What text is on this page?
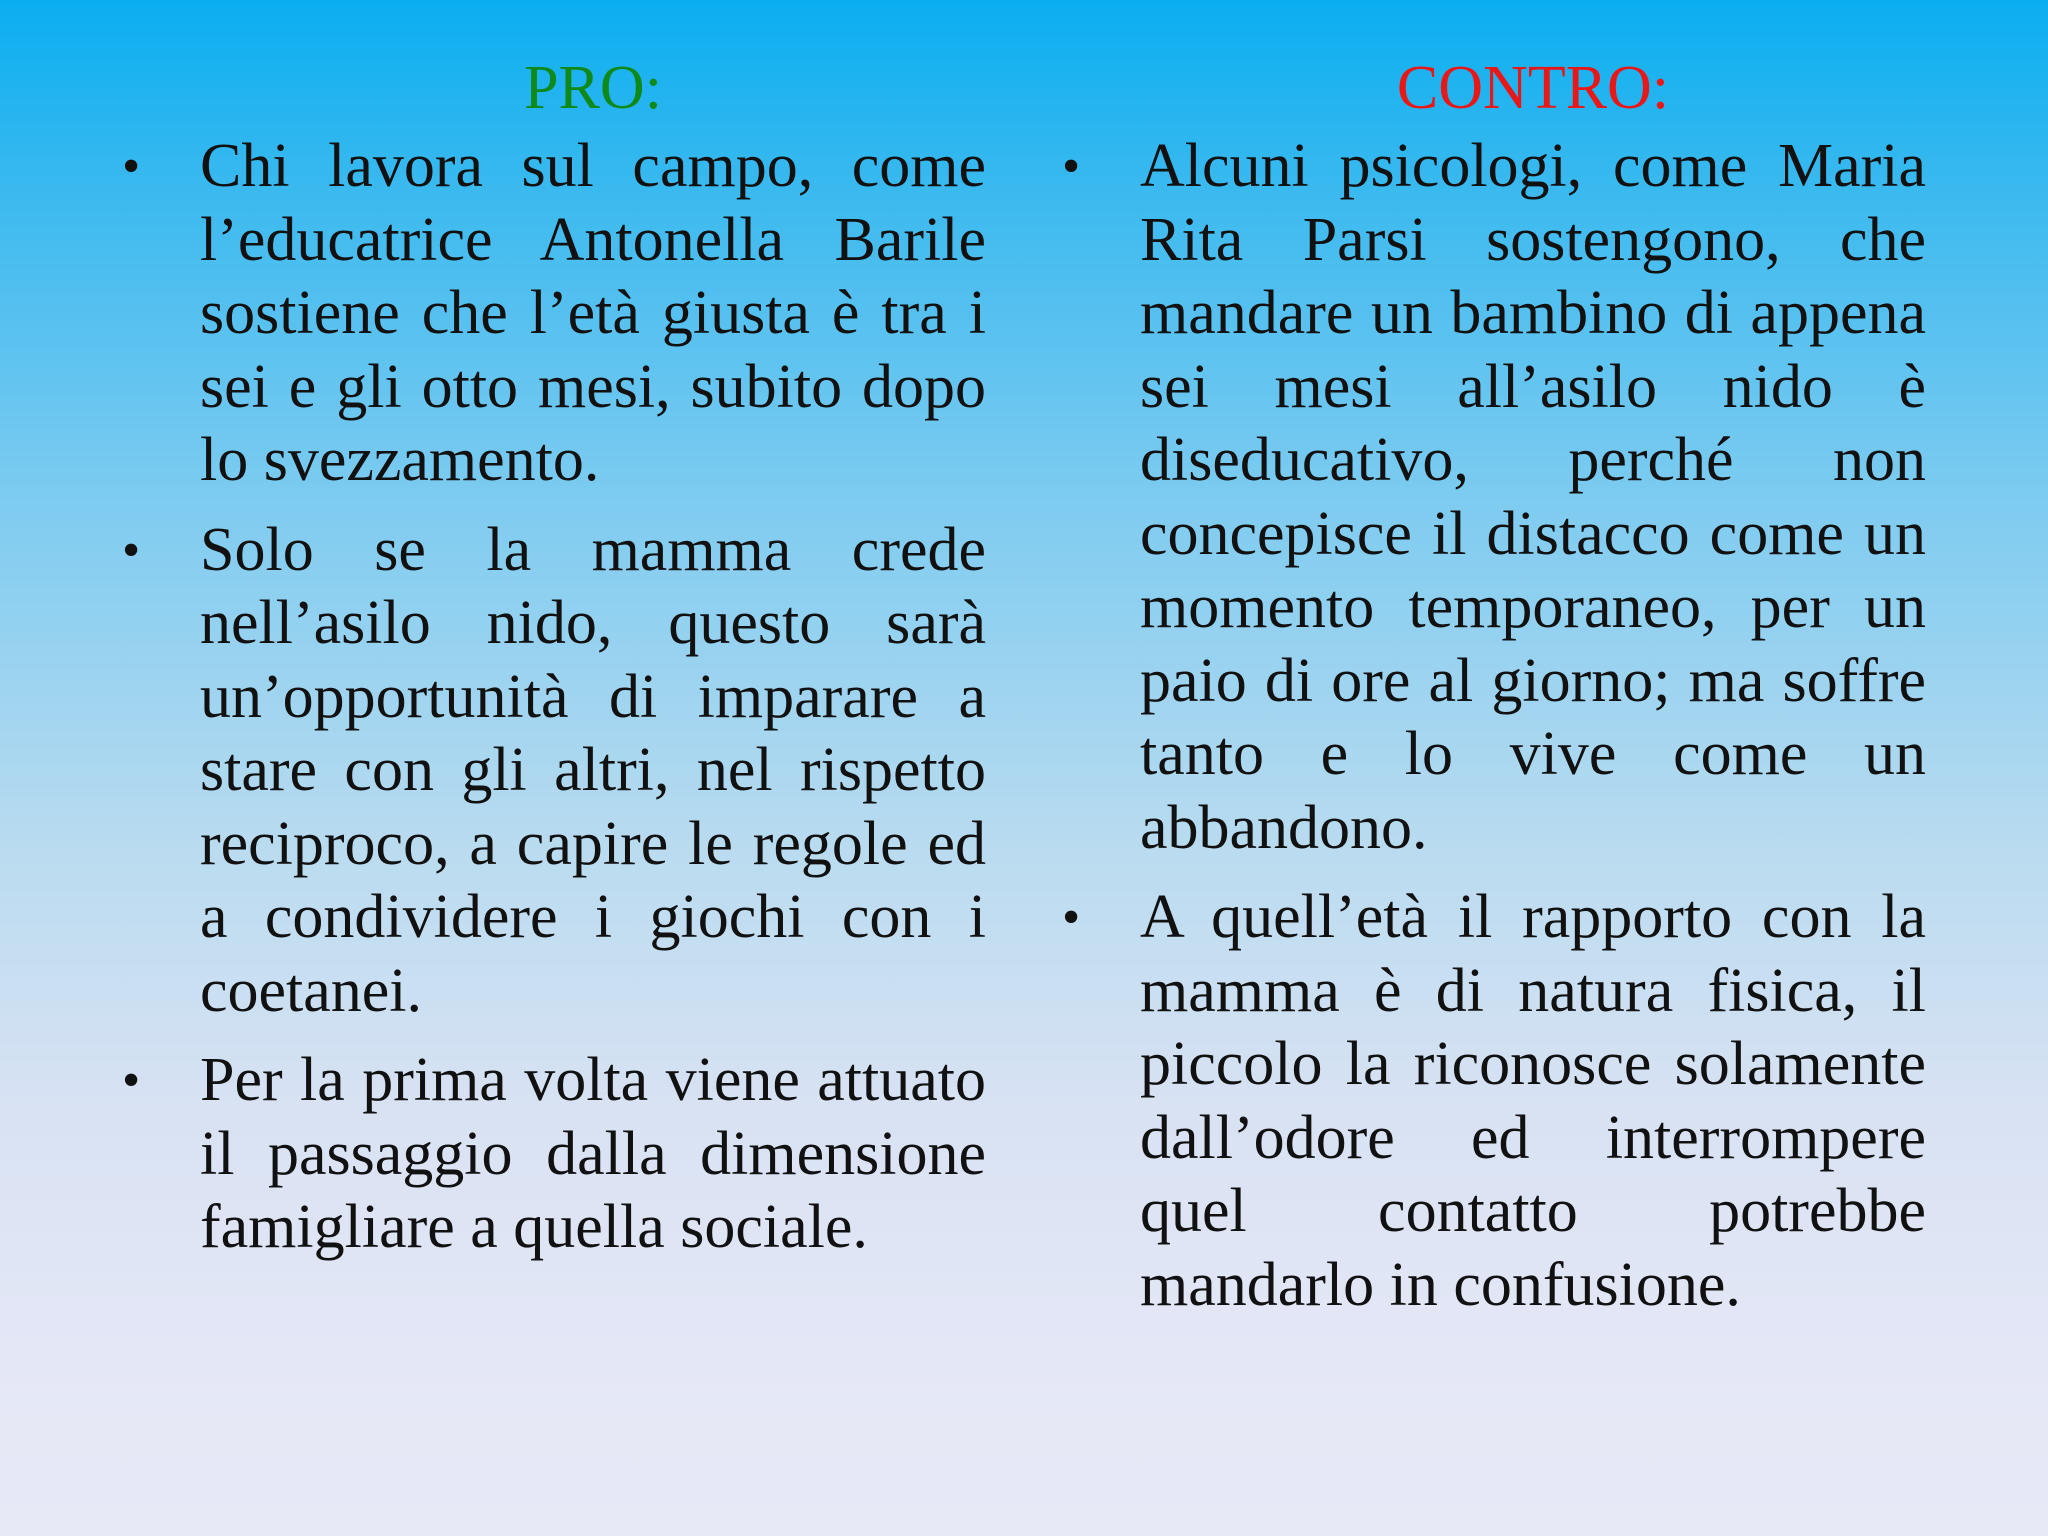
PRO:
• Chi lavora sul campo, come l’educatrice Antonella Barile sostiene che l’età giusta è tra i sei e gli otto mesi, subito dopo lo svezzamento.
• Solo se la mamma crede nell’asilo nido, questo sarà un’opportunità di imparare a stare con gli altri, nel rispetto reciproco, a capire le regole ed a condividere i giochi con i coetanei.
• Per la prima volta viene attuato il passaggio dalla dimensione famigliare a quella sociale.
CONTRO:
• Alcuni psicologi, come Maria Rita Parsi sostengono, che mandare un bambino di appena sei mesi all’asilo nido è diseducativo, perché non concepisce il distacco come un momento temporaneo, per un paio di ore al giorno; ma soffre tanto e lo vive come un abbandono.
• A quell’età il rapporto con la mamma è di natura fisica, il piccolo la riconosce solamente dall’odore ed interrompere quel contatto potrebbe mandarlo in confusione.
